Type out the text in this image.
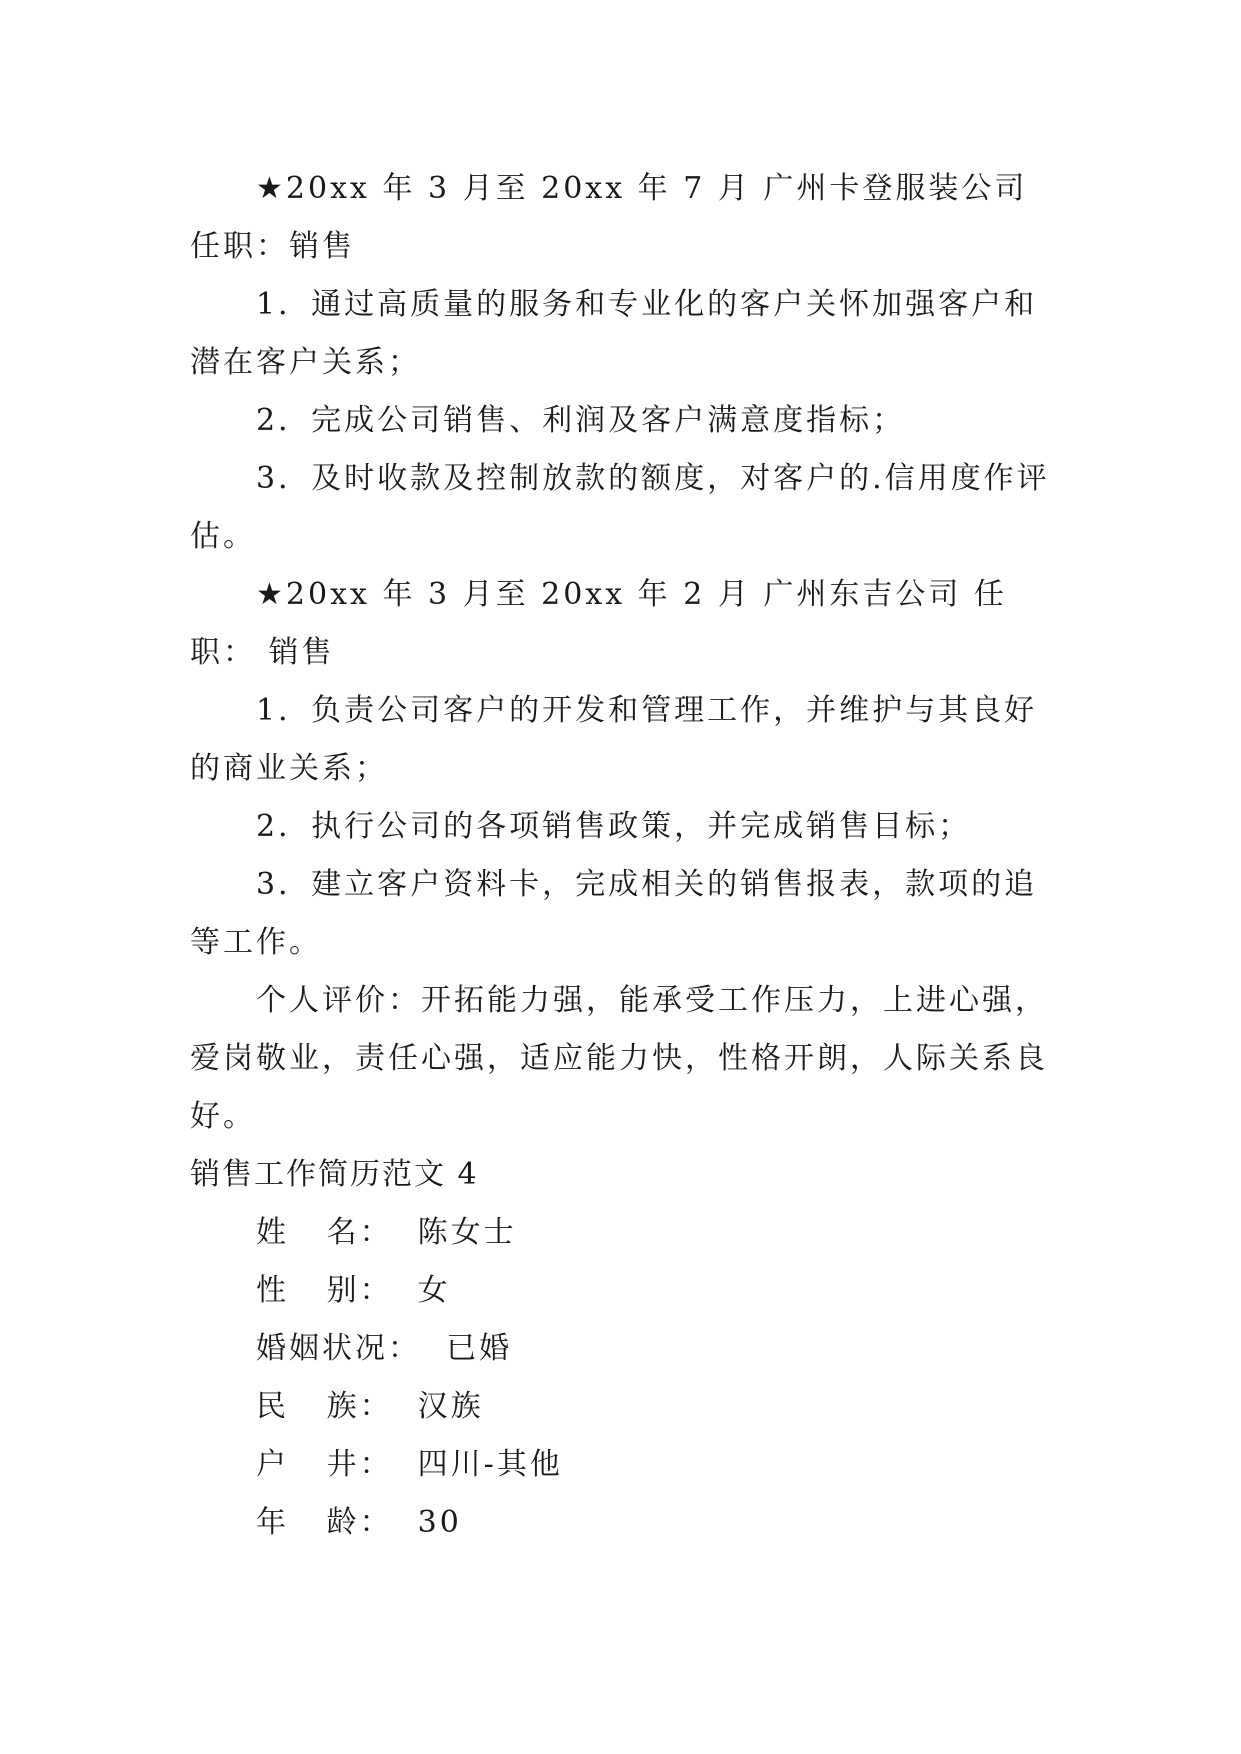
★20xx 年 3 月至 20xx 年 7 月 广州卡登服装公司 任职：销售

1．通过高质量的服务和专业化的客户关怀加强客户和潜在客户关系；

2．完成公司销售、利润及客户满意度指标；

3．及时收款及控制放款的额度，对客户的.信用度作评估。

★20xx 年 3 月至 20xx 年 2 月 广州东吉公司 任职： 销售

1．负责公司客户的开发和管理工作，并维护与其良好的商业关系；

2．执行公司的各项销售政策，并完成销售目标；

3．建立客户资料卡，完成相关的销售报表，款项的追等工作。

个人评价：开拓能力强，能承受工作压力，上进心强，爱岗敬业，责任心强，适应能力快，性格开朗，人际关系良好。

销售工作简历范文 4

姓   名：  陈女士

性   别：  女

婚姻状况：  已婚

民   族：  汉族

户   井：  四川-其他

年   龄：  30
